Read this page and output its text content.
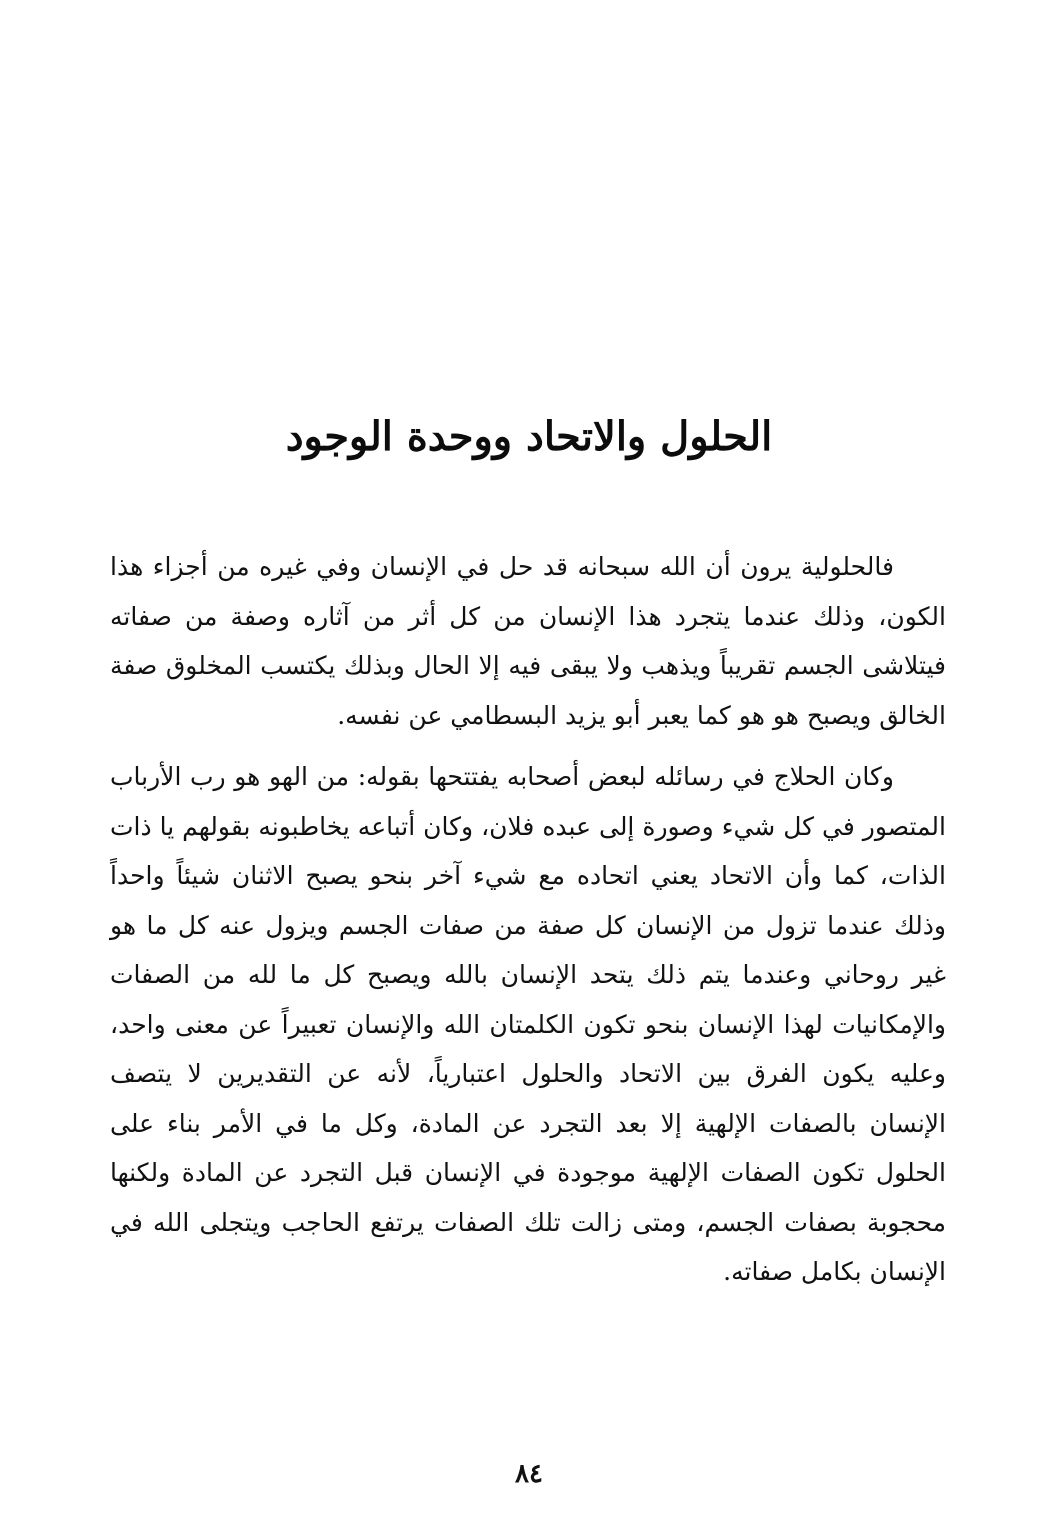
الحلول والاتحاد ووحدة الوجود

فالحلولية يرون أن الله سبحانه قد حل في الإنسان وفي غيره من أجزاء هذا الكون، وذلك عندما يتجرد هذا الإنسان من كل أثر من آثاره وصفة من صفاته فيتلاشى الجسم تقريباً ويذهب ولا يبقى فيه إلا الحال وبذلك يكتسب المخلوق صفة الخالق ويصبح هو هو كما يعبر أبو يزيد البسطامي عن نفسه.

وكان الحلاج في رسائله لبعض أصحابه يفتتحها بقوله: من الهو هو رب الأرباب المتصور في كل شيء وصورة إلى عبده فلان، وكان أتباعه يخاطبونه بقولهم يا ذات الذات، كما وأن الاتحاد يعني اتحاده مع شيء آخر بنحو يصبح الاثنان شيئاً واحداً وذلك عندما تزول من الإنسان كل صفة من صفات الجسم ويزول عنه كل ما هو غير روحاني وعندما يتم ذلك يتحد الإنسان بالله ويصبح كل ما لله من الصفات والإمكانيات لهذا الإنسان بنحو تكون الكلمتان الله والإنسان تعبيراً عن معنى واحد، وعليه يكون الفرق بين الاتحاد والحلول اعتبارياً، لأنه عن التقديرين لا يتصف الإنسان بالصفات الإلهية إلا بعد التجرد عن المادة، وكل ما في الأمر بناء على الحلول تكون الصفات الإلهية موجودة في الإنسان قبل التجرد عن المادة ولكنها محجوبة بصفات الجسم، ومتى زالت تلك الصفات يرتفع الحاجب ويتجلى الله في الإنسان بكامل صفاته.

٨٤
